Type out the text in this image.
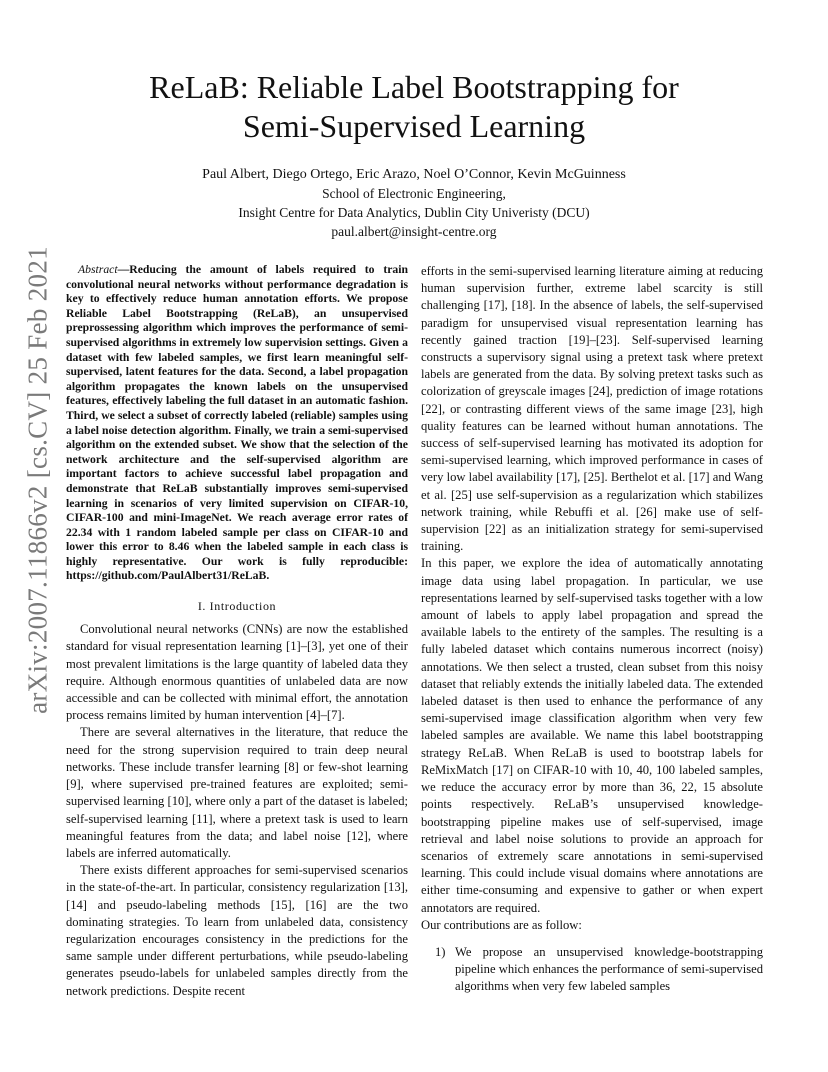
arXiv:2007.11866v2 [cs.CV] 25 Feb 2021
ReLaB: Reliable Label Bootstrapping for
Semi-Supervised Learning
Paul Albert, Diego Ortego, Eric Arazo, Noel O’Connor, Kevin McGuinness
School of Electronic Engineering,
Insight Centre for Data Analytics, Dublin City Univeristy (DCU)
paul.albert@insight-centre.org

Abstract—Reducing the amount of labels required to train convolutional neural networks without performance degradation is key to effectively reduce human annotation efforts. We propose Reliable Label Bootstrapping (ReLaB), an unsupervised preprossessing algorithm which improves the performance of semi-supervised algorithms in extremely low supervision settings. Given a dataset with few labeled samples, we first learn meaningful self-supervised, latent features for the data. Second, a label propagation algorithm propagates the known labels on the unsupervised features, effectively labeling the full dataset in an automatic fashion. Third, we select a subset of correctly labeled (reliable) samples using a label noise detection algorithm. Finally, we train a semi-supervised algorithm on the extended subset. We show that the selection of the network architecture and the self-supervised algorithm are important factors to achieve successful label propagation and demonstrate that ReLaB substantially improves semi-supervised learning in scenarios of very limited supervision on CIFAR-10, CIFAR-100 and mini-ImageNet. We reach average error rates of 22.34 with 1 random labeled sample per class on CIFAR-10 and lower this error to 8.46 when the labeled sample in each class is highly representative. Our work is fully reproducible: https://github.com/PaulAlbert31/ReLaB.

I. Introduction

Convolutional neural networks (CNNs) are now the established standard for visual representation learning [1]–[3], yet one of their most prevalent limitations is the large quantity of labeled data they require. Although enormous quantities of unlabeled data are now accessible and can be collected with minimal effort, the annotation process remains limited by human intervention [4]–[7].

There are several alternatives in the literature, that reduce the need for the strong supervision required to train deep neural networks. These include transfer learning [8] or few-shot learning [9], where supervised pre-trained features are exploited; semi-supervised learning [10], where only a part of the dataset is labeled; self-supervised learning [11], where a pretext task is used to learn meaningful features from the data; and label noise [12], where labels are inferred automatically.

There exists different approaches for semi-supervised scenarios in the state-of-the-art. In particular, consistency regularization [13], [14] and pseudo-labeling methods [15], [16] are the two dominating strategies. To learn from unlabeled data, consistency regularization encourages consistency in the predictions for the same sample under different perturbations, while pseudo-labeling generates pseudo-labels for unlabeled samples directly from the network predictions. Despite recent

efforts in the semi-supervised learning literature aiming at reducing human supervision further, extreme label scarcity is still challenging [17], [18]. In the absence of labels, the self-supervised paradigm for unsupervised visual representation learning has recently gained traction [19]–[23]. Self-supervised learning constructs a supervisory signal using a pretext task where pretext labels are generated from the data. By solving pretext tasks such as colorization of greyscale images [24], prediction of image rotations [22], or contrasting different views of the same image [23], high quality features can be learned without human annotations. The success of self-supervised learning has motivated its adoption for semi-supervised learning, which improved performance in cases of very low label availability [17], [25]. Berthelot et al. [17] and Wang et al. [25] use self-supervision as a regularization which stabilizes network training, while Rebuffi et al. [26] make use of self-supervision [22] as an initialization strategy for semi-supervised training.

In this paper, we explore the idea of automatically annotating image data using label propagation. In particular, we use representations learned by self-supervised tasks together with a low amount of labels to apply label propagation and spread the available labels to the entirety of the samples. The resulting is a fully labeled dataset which contains numerous incorrect (noisy) annotations. We then select a trusted, clean subset from this noisy dataset that reliably extends the initially labeled data. The extended labeled dataset is then used to enhance the performance of any semi-supervised image classification algorithm when very few labeled samples are available. We name this label bootstrapping strategy ReLaB. When ReLaB is used to bootstrap labels for ReMixMatch [17] on CIFAR-10 with 10, 40, 100 labeled samples, we reduce the accuracy error by more than 36, 22, 15 absolute points respectively. ReLaB’s unsupervised knowledge-bootstrapping pipeline makes use of self-supervised, image retrieval and label noise solutions to provide an approach for scenarios of extremely scare annotations in semi-supervised learning. This could include visual domains where annotations are either time-consuming and expensive to gather or when expert annotators are required.

Our contributions are as follow:

1) We propose an unsupervised knowledge-bootstrapping pipeline which enhances the performance of semi-supervised algorithms when very few labeled samples
